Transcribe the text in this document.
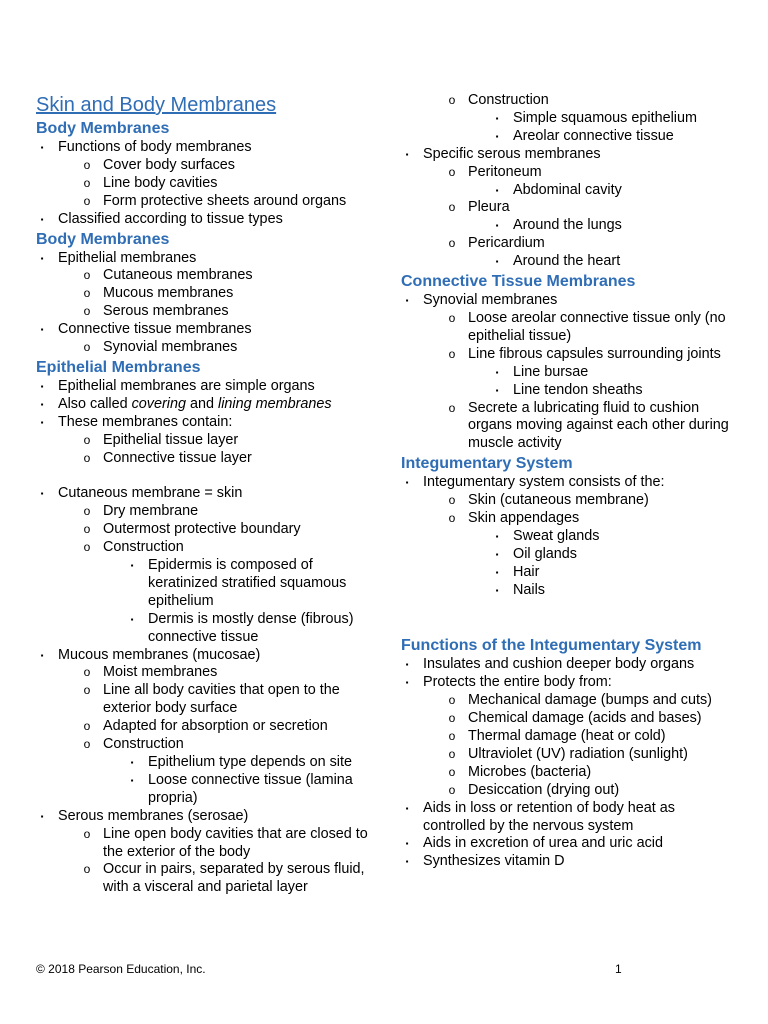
Skin and Body Membranes
Body Membranes
▪	Functions of body membranes
o Cover body surfaces
o Line body cavities
o Form protective sheets around organs
▪	Classified according to tissue types
Body Membranes
▪	Epithelial membranes
o Cutaneous membranes
o Mucous membranes
o Serous membranes
▪	Connective tissue membranes
o Synovial membranes
Epithelial Membranes
▪	Epithelial membranes are simple organs
▪	Also called covering and lining membranes
▪	These membranes contain:
o Epithelial tissue layer
o Connective tissue layer
▪	Cutaneous membrane = skin
o Dry membrane
o Outermost protective boundary
o Construction
▪	Epidermis is composed of keratinized stratified squamous epithelium
▪	Dermis is mostly dense (fibrous) connective tissue
▪	Mucous membranes (mucosae)
o Moist membranes
o Line all body cavities that open to the exterior body surface
o Adapted for absorption or secretion
o Construction
▪	Epithelium type depends on site
▪	Loose connective tissue (lamina propria)
▪	Serous membranes (serosae)
o Line open body cavities that are closed to the exterior of the body
o Occur in pairs, separated by serous fluid, with a visceral and parietal layer
o Construction
▪	Simple squamous epithelium
▪	Areolar connective tissue
▪	Specific serous membranes
o Peritoneum
▪	Abdominal cavity
o Pleura
▪	Around the lungs
o Pericardium
▪	Around the heart
Connective Tissue Membranes
▪	Synovial membranes
o Loose areolar connective tissue only (no epithelial tissue)
o Line fibrous capsules surrounding joints
▪	Line bursae
▪	Line tendon sheaths
o Secrete a lubricating fluid to cushion organs moving against each other during muscle activity
Integumentary System
▪	Integumentary system consists of the:
o Skin (cutaneous membrane)
o Skin appendages
▪	Sweat glands
▪	Oil glands
▪	Hair
▪	Nails
Functions of the Integumentary System
▪	Insulates and cushion deeper body organs
▪	Protects the entire body from:
o Mechanical damage (bumps and cuts)
o Chemical damage (acids and bases)
o Thermal damage (heat or cold)
o Ultraviolet (UV) radiation (sunlight)
o Microbes (bacteria)
o Desiccation (drying out)
▪	Aids in loss or retention of body heat as controlled by the nervous system
▪	Aids in excretion of urea and uric acid
▪	Synthesizes vitamin D
© 2018 Pearson Education, Inc.	1
